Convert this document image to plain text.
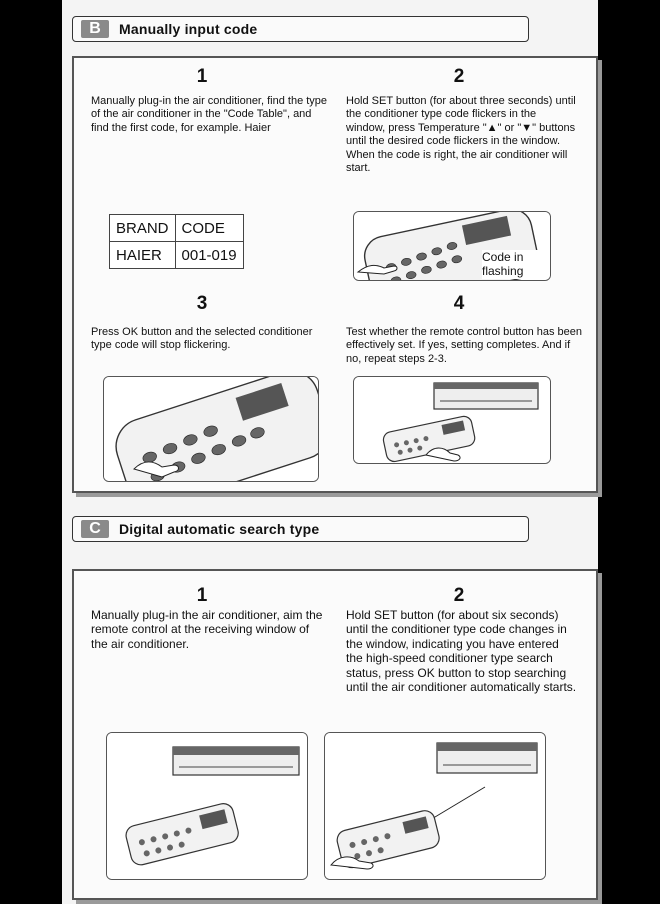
B	Manually input code
1
Manually plug-in the air conditioner, find the type of the air conditioner in the "Code Table", and find the first code, for example. Haier
2
Hold SET button (for about three seconds) until the conditioner type code flickers in the window, press Temperature "▲" or "▼" buttons until the desired code flickers in the window. When the code is right, the air conditioner will start.
BRAND	CODE
HAIER	001-019	Code in flashing
3
Press OK button and the selected conditioner type code will stop flickering.
4
Test whether the remote control button has been effectively set. If yes, setting completes. And if no, repeat steps 2-3.
C	Digital automatic search type
1
Manually plug-in the air conditioner, aim the remote control at the receiving window of the air conditioner.
2
Hold SET button (for about six seconds) until the conditioner type code changes in the window, indicating you have entered the high-speed conditioner type search status, press OK button to stop searching until the air conditioner automatically starts.
